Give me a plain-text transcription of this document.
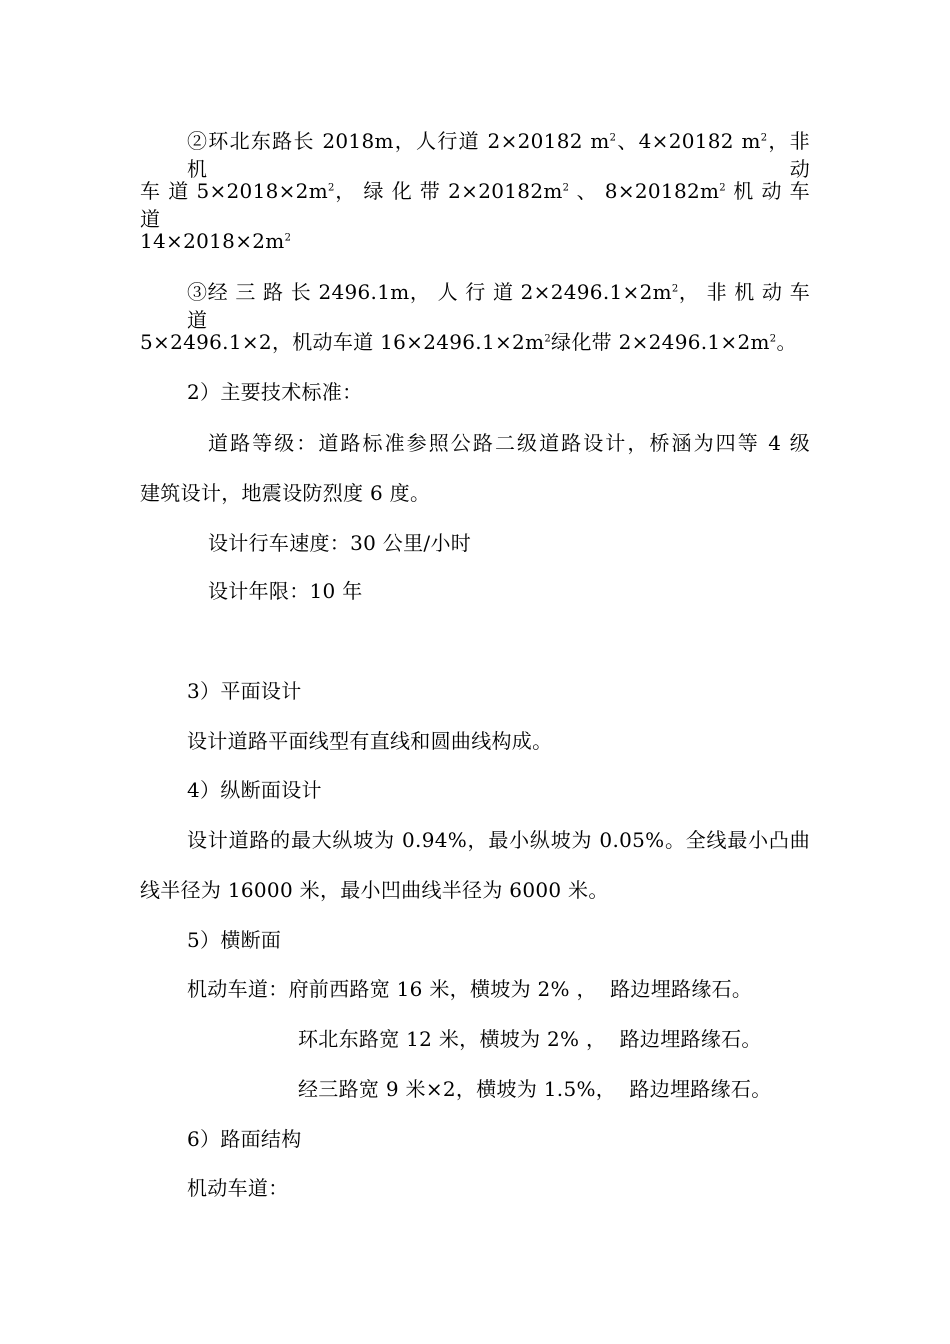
②环北东路长 2018m，人行道 2×20182 $m^2$、4×20182 $m^2$，非机动
车 道 $5\times 2018\times 2m^2$， 绿 化 带 $2\times 20182m^2$ 、 $8\times 20182m^2$ 机 动 车 道
$14\times 2018\times 2m^2$
③经 三 路 长 2496.1m， 人 行 道 $2\times 2496.1\times 2m^2$， 非 机 动 车 道
5×2496.1×2，机动车道 $16\times 2496.1\times 2m^2$绿化带 $2\times 2496.1\times 2m^2$。
2）主要技术标准：
道路等级：道路标准参照公路二级道路设计，桥涵为四等 4 级
建筑设计，地震设防烈度 6 度。
设计行车速度：30 公里/小时
设计年限：10 年
3）平面设计
设计道路平面线型有直线和圆曲线构成。
4）纵断面设计
设计道路的最大纵坡为 0.94%，最小纵坡为 0.05%。全线最小凸曲
线半径为 16000 米，最小凹曲线半径为 6000 米。
5）横断面
机动车道：府前西路宽 16 米，横坡为 2% ，  路边埋路缘石。
环北东路宽 12 米，横坡为 2% ，  路边埋路缘石。
经三路宽 9 米×2，横坡为 1.5%，  路边埋路缘石。
6）路面结构
机动车道：
